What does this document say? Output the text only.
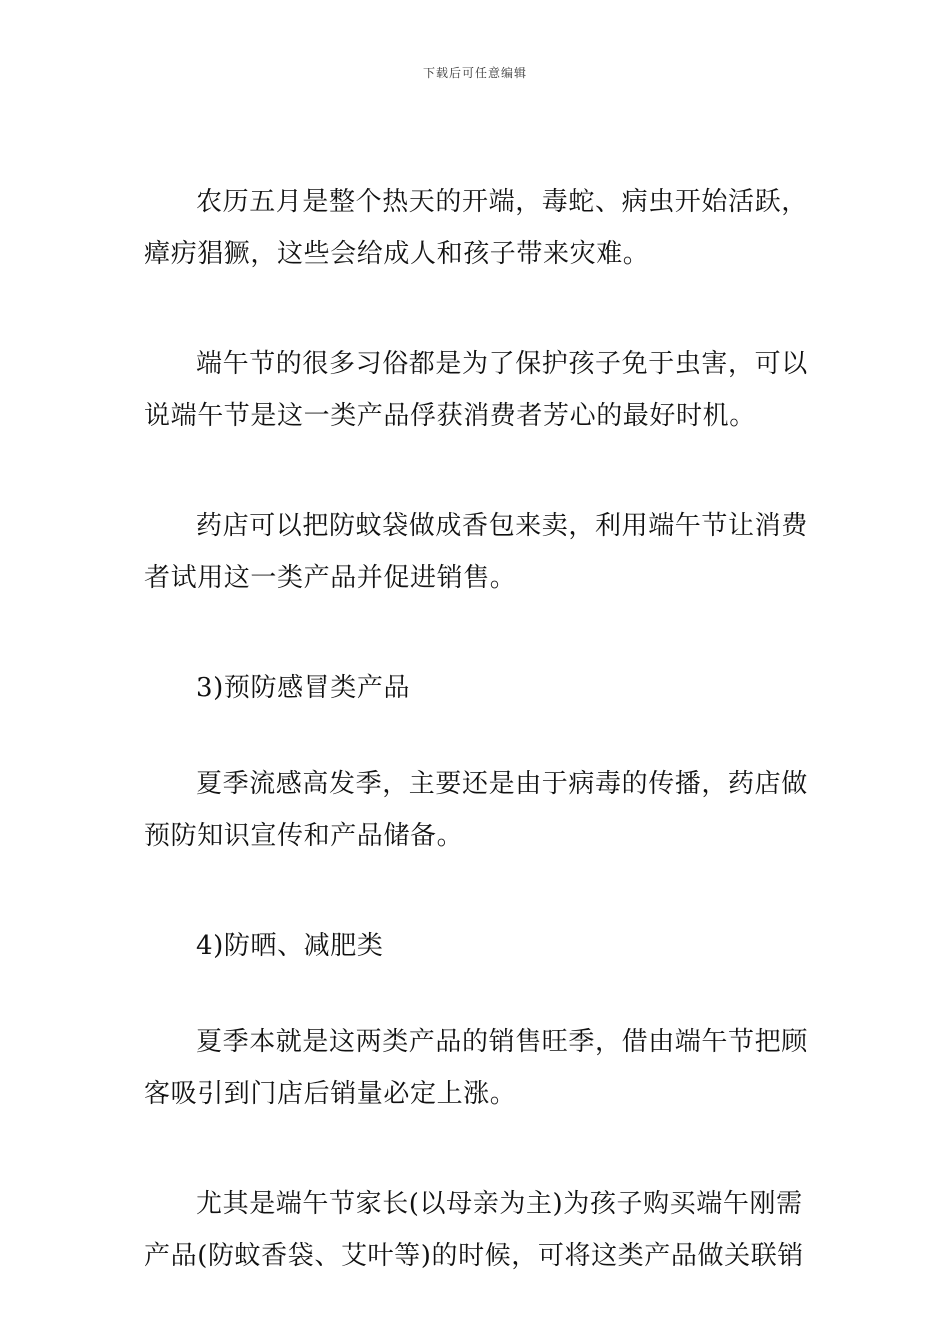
下载后可任意编辑

农历五月是整个热天的开端，毒蛇、病虫开始活跃，瘴疠猖獗，这些会给成人和孩子带来灾难。

端午节的很多习俗都是为了保护孩子免于虫害，可以说端午节是这一类产品俘获消费者芳心的最好时机。

药店可以把防蚊袋做成香包来卖，利用端午节让消费者试用这一类产品并促进销售。

3)预防感冒类产品

夏季流感高发季，主要还是由于病毒的传播，药店做预防知识宣传和产品储备。

4)防晒、减肥类

夏季本就是这两类产品的销售旺季，借由端午节把顾客吸引到门店后销量必定上涨。

尤其是端午节家长(以母亲为主)为孩子购买端午刚需产品(防蚊香袋、艾叶等)的时候，可将这类产品做关联销
